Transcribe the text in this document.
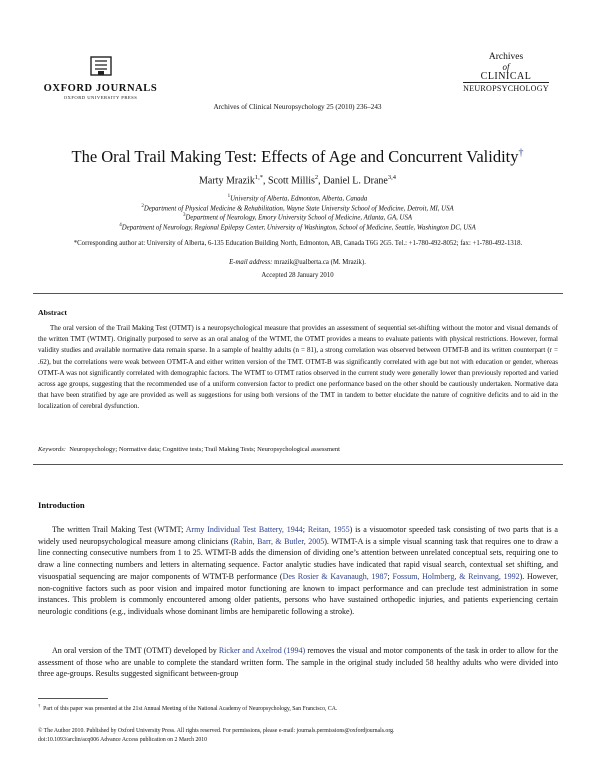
OXFORD JOURNALS
OXFORD UNIVERSITY PRESS
Archives
of
CLINICAL
NEUROPSYCHOLOGY
Archives of Clinical Neuropsychology 25 (2010) 236–243
The Oral Trail Making Test: Effects of Age and Concurrent Validity†
Marty Mrazik$^{1,*}$, Scott Millis$^2$, Daniel L. Drane$^{3,4}$
$^1$University of Alberta, Edmonton, Alberta, Canada
$^2$Department of Physical Medicine & Rehabilitation, Wayne State University School of Medicine, Detroit, MI, USA
$^3$Department of Neurology, Emory University School of Medicine, Atlanta, GA, USA
$^4$Department of Neurology, Regional Epilepsy Center, University of Washington, School of Medicine, Seattle, Washington DC, USA
*Corresponding author at: University of Alberta, 6-135 Education Building North, Edmonton, AB, Canada T6G 2G5. Tel.: +1-780-492-8052; fax: +1-780-492-1318.
E-mail address: mrazik@ualberta.ca (M. Mrazik).
Accepted 28 January 2010
Abstract
The oral version of the Trail Making Test (OTMT) is a neuropsychological measure that provides an assessment of sequential set-shifting without the motor and visual demands of the written TMT (WTMT). Originally purposed to serve as an oral analog of the WTMT, the OTMT provides a means to evaluate patients with physical restrictions. However, formal validity studies and available normative data remain sparse. In a sample of healthy adults (n = 81), a strong correlation was observed between OTMT-B and its written counterpart (r = .62), but the correlations were weak between OTMT-A and either written version of the TMT. OTMT-B was significantly correlated with age but not with education or gender, whereas OTMT-A was not significantly correlated with demographic factors. The WTMT to OTMT ratios observed in the current study were generally lower than previously reported and varied across age groups, suggesting that the recommended use of a uniform conversion factor to predict one performance based on the other should be cautiously undertaken. Normative data that have been stratified by age are provided as well as suggestions for using both versions of the TMT in tandem to better elucidate the nature of cognitive deficits and to aid in the localization of cerebral dysfunction.
Keywords: Neuropsychology; Normative data; Cognitive tests; Trail Making Tests; Neuropsychological assessment
Introduction
The written Trail Making Test (WTMT; Army Individual Test Battery, 1944; Reitan, 1955) is a visuomotor speeded task consisting of two parts that is a widely used neuropsychological measure among clinicians (Rabin, Barr, & Butler, 2005). WTMT-A is a simple visual scanning task that requires one to draw a line connecting consecutive numbers from 1 to 25. WTMT-B adds the dimension of dividing one’s attention between unrelated conceptual sets, requiring one to draw a line connecting numbers and letters in alternating sequence. Factor analytic studies have indicated that rapid visual search, contextual set shifting, and visuospatial sequencing are major components of WTMT-B performance (Des Rosier & Kavanaugh, 1987; Fossum, Holmberg, & Reinvang, 1992). However, non-cognitive factors such as poor vision and impaired motor functioning are known to impact performance and can preclude test administration in some instances. This problem is commonly encountered among older patients, persons who have sustained orthopedic injuries, and patients experiencing certain neurologic conditions (e.g., individuals whose dominant limbs are hemiparetic following a stroke).
An oral version of the TMT (OTMT) developed by Ricker and Axelrod (1994) removes the visual and motor components of the task in order to allow for the assessment of those who are unable to complete the standard written form. The sample in the original study included 58 healthy adults who were divided into three age-groups. Results suggested significant between-group
†  Part of this paper was presented at the 21st Annual Meeting of the National Academy of Neuropsychology, San Francisco, CA.
© The Author 2010. Published by Oxford University Press. All rights reserved. For permissions, please e-mail: journals.permissions@oxfordjournals.org.
doi:10.1093/arclin/acq006 Advance Access publication on 2 March 2010
